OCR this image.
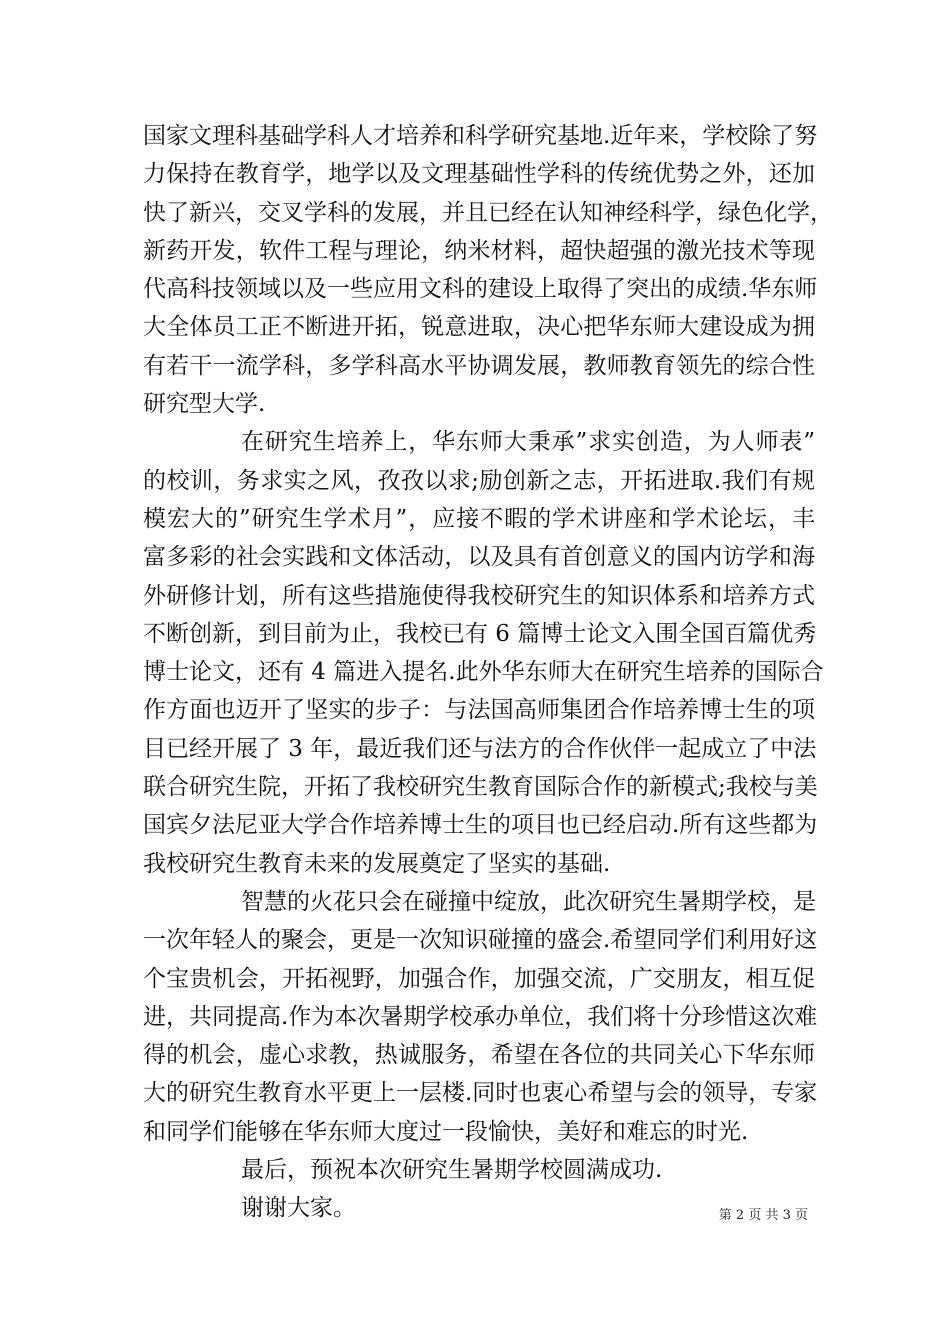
国家文理科基础学科人才培养和科学研究基地.近年来，学校除了努
力保持在教育学，地学以及文理基础性学科的传统优势之外，还加
快了新兴，交叉学科的发展，并且已经在认知神经科学，绿色化学，
新药开发，软件工程与理论，纳米材料，超快超强的激光技术等现
代高科技领域以及一些应用文科的建设上取得了突出的成绩.华东师
大全体员工正不断进开拓，锐意进取，决心把华东师大建设成为拥
有若干一流学科，多学科高水平协调发展，教师教育领先的综合性
研究型大学.
在研究生培养上，华东师大秉承”求实创造，为人师表”
的校训，务求实之风，孜孜以求;励创新之志，开拓进取.我们有规
模宏大的”研究生学术月”，应接不暇的学术讲座和学术论坛，丰
富多彩的社会实践和文体活动，以及具有首创意义的国内访学和海
外研修计划，所有这些措施使得我校研究生的知识体系和培养方式
不断创新，到目前为止，我校已有 6 篇博士论文入围全国百篇优秀
博士论文，还有 4 篇进入提名.此外华东师大在研究生培养的国际合
作方面也迈开了坚实的步子：与法国高师集团合作培养博士生的项
目已经开展了 3 年，最近我们还与法方的合作伙伴一起成立了中法
联合研究生院，开拓了我校研究生教育国际合作的新模式;我校与美
国宾夕法尼亚大学合作培养博士生的项目也已经启动.所有这些都为
我校研究生教育未来的发展奠定了坚实的基础.
智慧的火花只会在碰撞中绽放，此次研究生暑期学校，是
一次年轻人的聚会，更是一次知识碰撞的盛会.希望同学们利用好这
个宝贵机会，开拓视野，加强合作，加强交流，广交朋友，相互促
进，共同提高.作为本次暑期学校承办单位，我们将十分珍惜这次难
得的机会，虚心求教，热诚服务，希望在各位的共同关心下华东师
大的研究生教育水平更上一层楼.同时也衷心希望与会的领导，专家
和同学们能够在华东师大度过一段愉快，美好和难忘的时光.
最后，预祝本次研究生暑期学校圆满成功.
谢谢大家。	第 2 页 共 3 页
